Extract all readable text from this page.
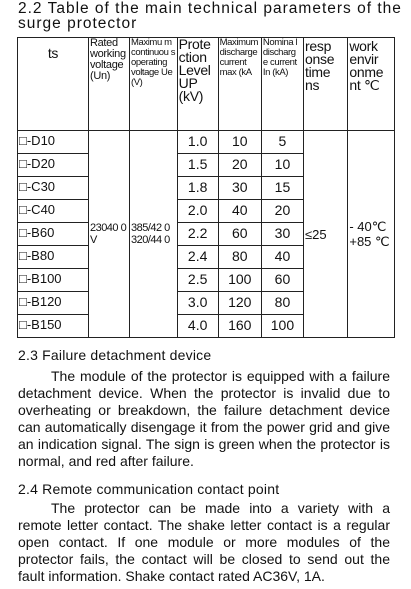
2.2 Table of the main technical parameters of the surge protector
ts	Rated working voltage (Un)	Maximu m continuou s operating voltage Ue (V)	Prote ction Level UP (kV)	Maximum discharge current max (kA	Nomina l discharg e current In (kA)	resp onse time ns	work envir onme nt ℃
□-D10	23040 0 V	385/42 0 320/44 0	1.0	10	5	≤25	- 40℃ +85 ℃
□-D20			1.5	20	10		
□-C30			1.8	30	15		
□-C40			2.0	40	20		
□-B60			2.2	60	30		
□-B80			2.4	80	40		
□-B100			2.5	100	60		
□-B120			3.0	120	80		
□-B150			4.0	160	100		
2.3 Failure detachment device

The module of the protector is equipped with a failure detachment device. When the protector is invalid due to overheating or breakdown, the failure detachment device can automatically disengage it from the power grid and give an indication signal. The sign is green when the protector is normal, and red after failure.

2.4 Remote communication contact point

The protector can be made into a variety with a remote letter contact. The shake letter contact is a regular open contact. If one module or more modules of the protector fails, the contact will be closed to send out the fault information. Shake contact rated AC36V, 1A.
